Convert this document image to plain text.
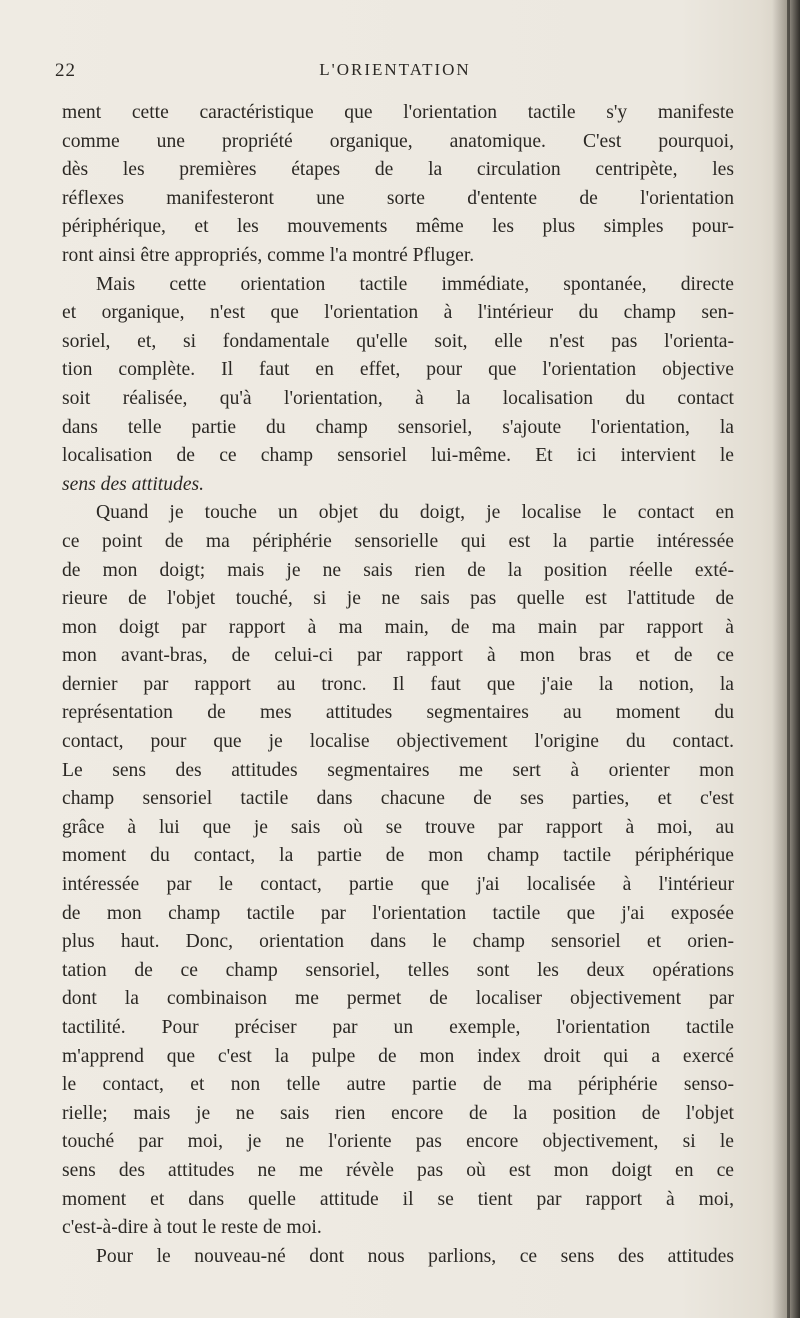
22	L'ORIENTATION
ment cette caractéristique que l'orientation tactile s'y manifeste
comme une propriété organique, anatomique. C'est pourquoi,
dès les premières étapes de la circulation centripète, les
réflexes manifesteront une sorte d'entente de l'orientation
périphérique, et les mouvements même les plus simples pour-
ront ainsi être appropriés, comme l'a montré Pfluger.
Mais cette orientation tactile immédiate, spontanée, directe
et organique, n'est que l'orientation à l'intérieur du champ sen-
soriel, et, si fondamentale qu'elle soit, elle n'est pas l'orienta-
tion complète. Il faut en effet, pour que l'orientation objective
soit réalisée, qu'à l'orientation, à la localisation du contact
dans telle partie du champ sensoriel, s'ajoute l'orientation, la
localisation de ce champ sensoriel lui-même. Et ici intervient le
sens des attitudes.
Quand je touche un objet du doigt, je localise le contact en
ce point de ma périphérie sensorielle qui est la partie intéressée
de mon doigt; mais je ne sais rien de la position réelle exté-
rieure de l'objet touché, si je ne sais pas quelle est l'attitude de
mon doigt par rapport à ma main, de ma main par rapport à
mon avant-bras, de celui-ci par rapport à mon bras et de ce
dernier par rapport au tronc. Il faut que j'aie la notion, la
représentation de mes attitudes segmentaires au moment du
contact, pour que je localise objectivement l'origine du contact.
Le sens des attitudes segmentaires me sert à orienter mon
champ sensoriel tactile dans chacune de ses parties, et c'est
grâce à lui que je sais où se trouve par rapport à moi, au
moment du contact, la partie de mon champ tactile périphérique
intéressée par le contact, partie que j'ai localisée à l'intérieur
de mon champ tactile par l'orientation tactile que j'ai exposée
plus haut. Donc, orientation dans le champ sensoriel et orien-
tation de ce champ sensoriel, telles sont les deux opérations
dont la combinaison me permet de localiser objectivement par
tactilité. Pour préciser par un exemple, l'orientation tactile
m'apprend que c'est la pulpe de mon index droit qui a exercé
le contact, et non telle autre partie de ma périphérie senso-
rielle; mais je ne sais rien encore de la position de l'objet
touché par moi, je ne l'oriente pas encore objectivement, si le
sens des attitudes ne me révèle pas où est mon doigt en ce
moment et dans quelle attitude il se tient par rapport à moi,
c'est-à-dire à tout le reste de moi.
Pour le nouveau-né dont nous parlions, ce sens des attitudes
